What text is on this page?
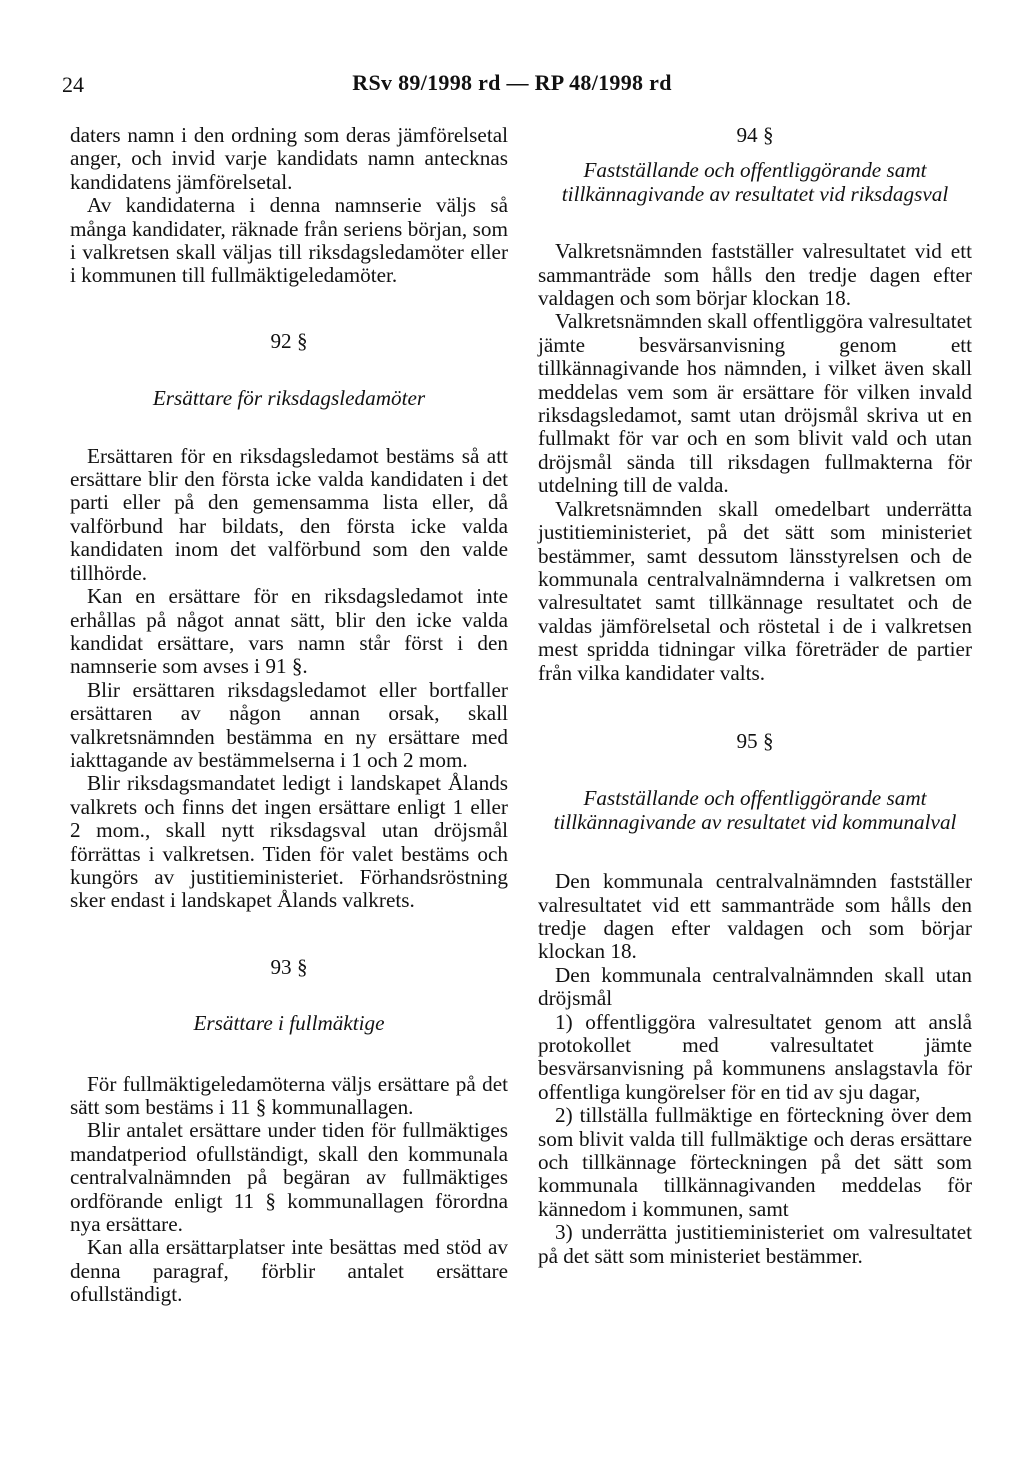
24	RSv 89/1998 rd — RP 48/1998 rd

daters namn i den ordning som deras jämförelsetal anger, och invid varje kandidats namn antecknas kandidatens jämförelsetal.

Av kandidaterna i denna namnserie väljs så många kandidater, räknade från seriens början, som i valkretsen skall väljas till riksdagsledamöter eller i kommunen till fullmäktigeledamöter.

92 §

Ersättare för riksdagsledamöter

Ersättaren för en riksdagsledamot bestäms så att ersättare blir den första icke valda kandidaten i det parti eller på den gemensamma lista eller, då valförbund har bildats, den första icke valda kandidaten inom det valförbund som den valde tillhörde.

Kan en ersättare för en riksdagsledamot inte erhållas på något annat sätt, blir den icke valda kandidat ersättare, vars namn står först i den namnserie som avses i 91 §.

Blir ersättaren riksdagsledamot eller bortfaller ersättaren av någon annan orsak, skall valkretsnämnden bestämma en ny ersättare med iakttagande av bestämmelserna i 1 och 2 mom.

Blir riksdagsmandatet ledigt i landskapet Ålands valkrets och finns det ingen ersättare enligt 1 eller 2 mom., skall nytt riksdagsval utan dröjsmål förrättas i valkretsen. Tiden för valet bestäms och kungörs av justitieministeriet. Förhandsröstning sker endast i landskapet Ålands valkrets.

93 §

Ersättare i fullmäktige

För fullmäktigeledamöterna väljs ersättare på det sätt som bestäms i 11 § kommunallagen.

Blir antalet ersättare under tiden för fullmäktiges mandatperiod ofullständigt, skall den kommunala centralvalnämnden på begäran av fullmäktiges ordförande enligt 11 § kommunallagen förordna nya ersättare.

Kan alla ersättarplatser inte besättas med stöd av denna paragraf, förblir antalet ersättare ofullständigt.

94 §

Fastställande och offentliggörande samt tillkännagivande av resultatet vid riksdagsval

Valkretsnämnden fastställer valresultatet vid ett sammanträde som hålls den tredje dagen efter valdagen och som börjar klockan 18.

Valkretsnämnden skall offentliggöra valresultatet jämte besvärsanvisning genom ett tillkännagivande hos nämnden, i vilket även skall meddelas vem som är ersättare för vilken invald riksdagsledamot, samt utan dröjsmål skriva ut en fullmakt för var och en som blivit vald och utan dröjsmål sända till riksdagen fullmakterna för utdelning till de valda.

Valkretsnämnden skall omedelbart underrätta justitieministeriet, på det sätt som ministeriet bestämmer, samt dessutom länsstyrelsen och de kommunala centralvalnämnderna i valkretsen om valresultatet samt tillkännage resultatet och de valdas jämförelsetal och röstetal i de i valkretsen mest spridda tidningar vilka företräder de partier från vilka kandidater valts.

95 §

Fastställande och offentliggörande samt tillkännagivande av resultatet vid kommunalval

Den kommunala centralvalnämnden fastställer valresultatet vid ett sammanträde som hålls den tredje dagen efter valdagen och som börjar klockan 18.

Den kommunala centralvalnämnden skall utan dröjsmål

1) offentliggöra valresultatet genom att anslå protokollet med valresultatet jämte besvärsanvisning på kommunens anslagstavla för offentliga kungörelser för en tid av sju dagar,

2) tillställa fullmäktige en förteckning över dem som blivit valda till fullmäktige och deras ersättare och tillkännage förteckningen på det sätt som kommunala tillkännagivanden meddelas för kännedom i kommunen, samt

3) underrätta justitieministeriet om valresultatet på det sätt som ministeriet bestämmer.
